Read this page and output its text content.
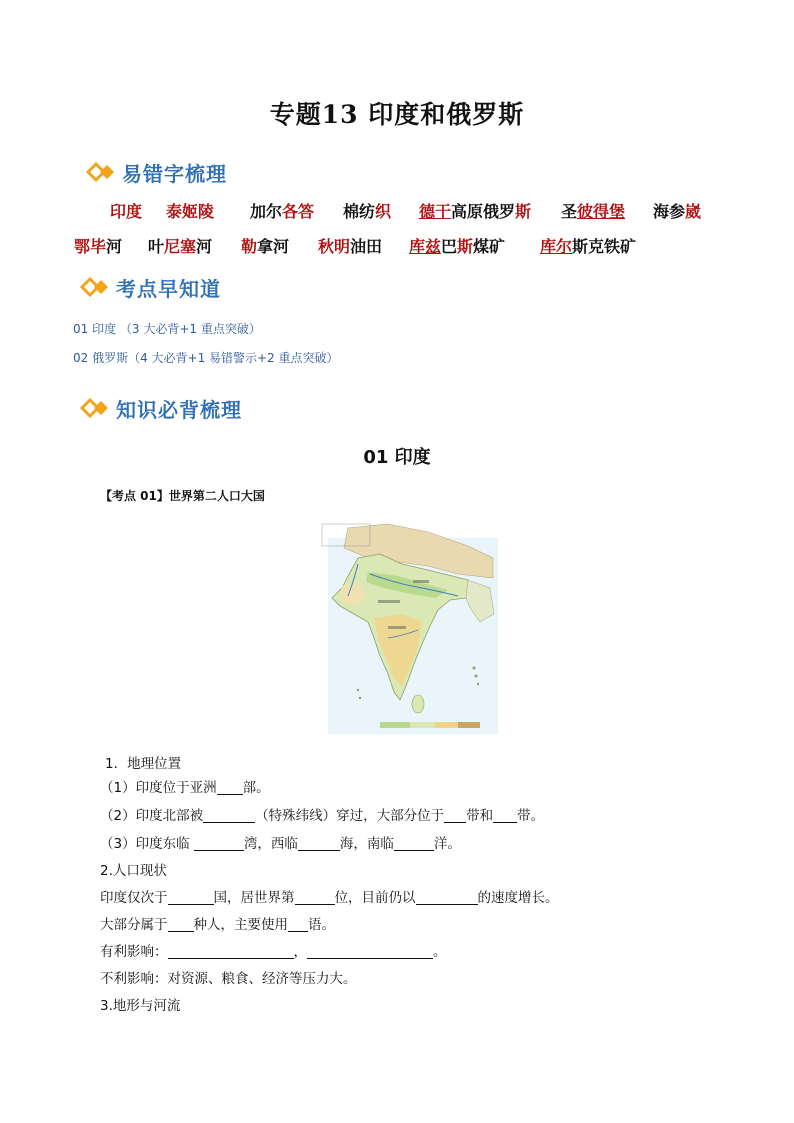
专题13 印度和俄罗斯
易错字梳理
印度 泰姬陵 加尔各答 棉纺织 德干高原俄罗斯 圣彼得堡 海参崴
鄂毕河 叶尼塞河 勒拿河 秋明油田 库兹巴斯煤矿 库尔斯克铁矿
考点早知道
01 印度 （3 大必背+1 重点突破）
02 俄罗斯（4 大必背+1 易错警示+2 重点突破）
知识必背梳理
01 印度
【考点 01】世界第二人口大国
1．地理位置
（1）印度位于亚洲 部。
（2）印度北部被	（特殊纬线）穿过，大部分位于 带和 带。
（3）印度东临	湾，西临	海，南临	洋。
2.人口现状
印度仅次于	国，居世界第	位，目前仍以	的速度增长。
大部分属于 种人，主要使用 语。
有利影响：	，	。
不利影响：对资源、粮食、经济等压力大。
3.地形与河流
